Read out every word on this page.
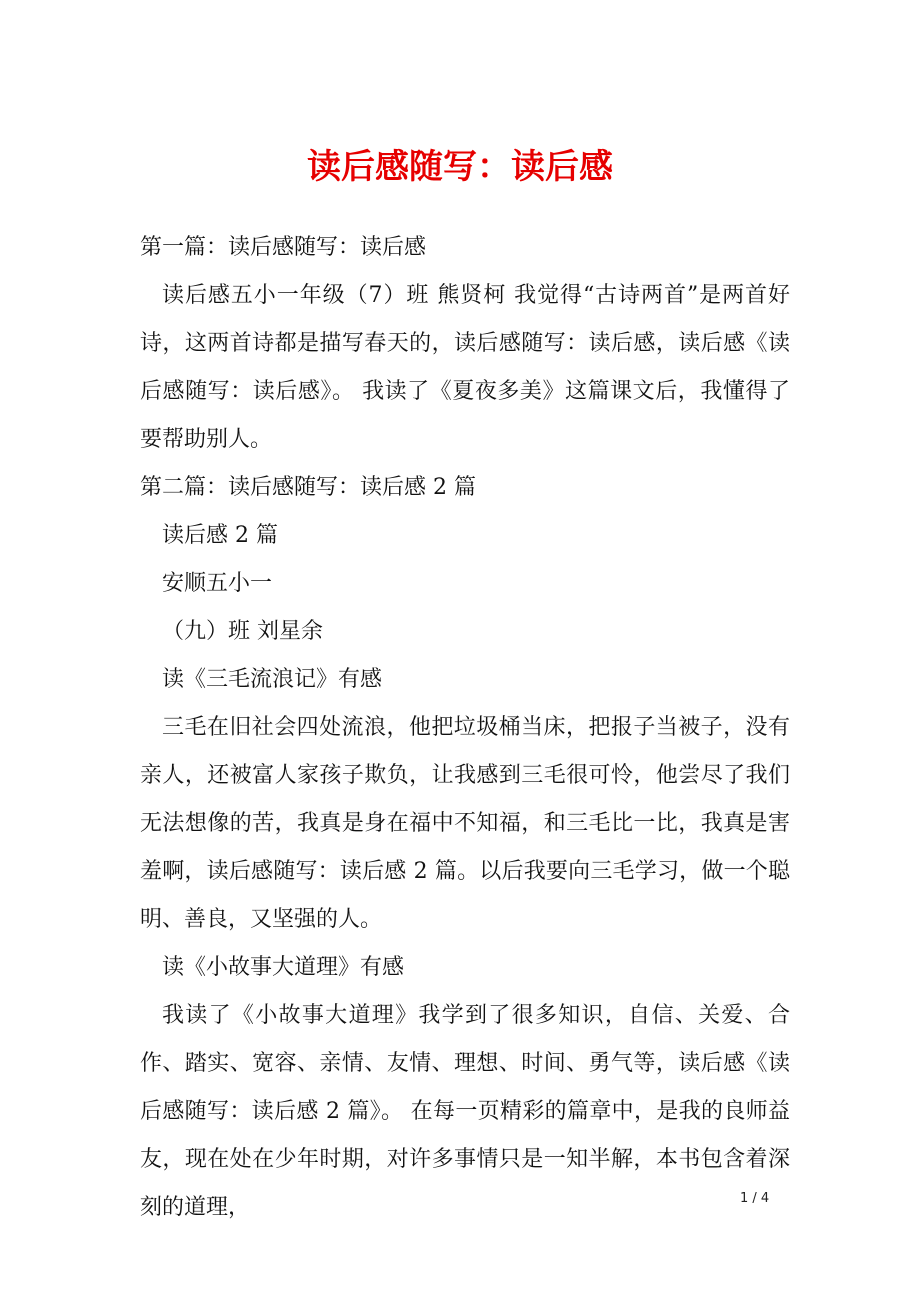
读后感随写：读后感

第一篇：读后感随写：读后感

读后感五小一年级（7）班 熊贤柯 我觉得“古诗两首”是两首好诗，这两首诗都是描写春天的，读后感随写：读后感，读后感《读后感随写：读后感》。 我读了《夏夜多美》这篇课文后，我懂得了要帮助别人。

第二篇：读后感随写：读后感 2 篇

读后感 2 篇

安顺五小一

（九）班 刘星余

读《三毛流浪记》有感

三毛在旧社会四处流浪，他把垃圾桶当床，把报子当被子，没有亲人，还被富人家孩子欺负，让我感到三毛很可怜，他尝尽了我们无法想像的苦，我真是身在福中不知福，和三毛比一比，我真是害羞啊，读后感随写：读后感 2 篇。以后我要向三毛学习，做一个聪明、善良，又坚强的人。

读《小故事大道理》有感

我读了《小故事大道理》我学到了很多知识，自信、关爱、合作、踏实、宽容、亲情、友情、理想、时间、勇气等，读后感《读后感随写：读后感 2 篇》。 在每一页精彩的篇章中，是我的良师益友，现在处在少年时期，对许多事情只是一知半解，本书包含着深刻的道理，	1 / 4
